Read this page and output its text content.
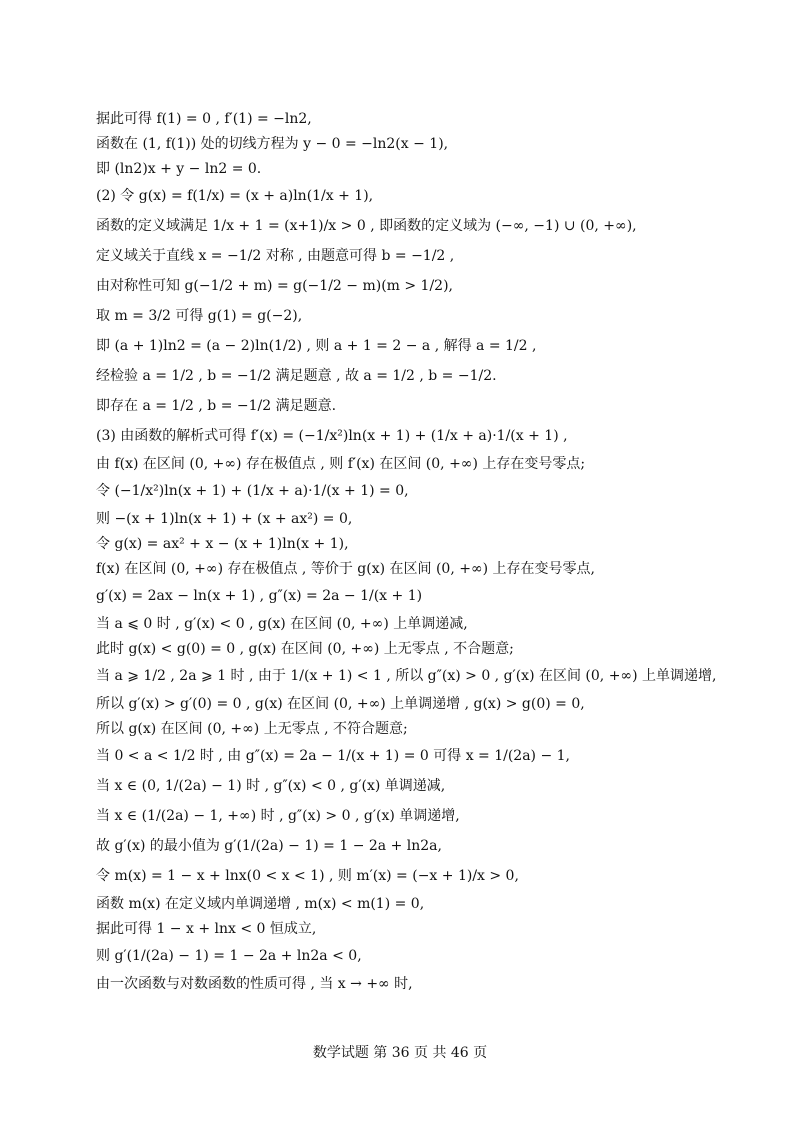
据此可得 f(1) = 0 , f′(1) = −ln2,
函数在 (1, f(1)) 处的切线方程为 y − 0 = −ln2(x − 1),
即 (ln2)x + y − ln2 = 0.
(2) 令 g(x) = f(1/x) = (x + a)ln(1/x + 1),
函数的定义域满足 1/x + 1 = (x+1)/x > 0 , 即函数的定义域为 (−∞, −1) ∪ (0, +∞),
定义域关于直线 x = −1/2 对称 , 由题意可得 b = −1/2 ,
由对称性可知 g(−1/2 + m) = g(−1/2 − m)(m > 1/2),
取 m = 3/2 可得 g(1) = g(−2),
即 (a + 1)ln2 = (a − 2)ln(1/2) , 则 a + 1 = 2 − a , 解得 a = 1/2 ,
经检验 a = 1/2 , b = −1/2 满足题意 , 故 a = 1/2 , b = −1/2.
即存在 a = 1/2 , b = −1/2 满足题意.
(3) 由函数的解析式可得 f′(x) = (−1/x²)ln(x + 1) + (1/x + a)·1/(x + 1) ,
由 f(x) 在区间 (0, +∞) 存在极值点 , 则 f′(x) 在区间 (0, +∞) 上存在变号零点;
令 (−1/x²)ln(x + 1) + (1/x + a)·1/(x + 1) = 0,
则 −(x + 1)ln(x + 1) + (x + ax²) = 0,
令 g(x) = ax² + x − (x + 1)ln(x + 1),
f(x) 在区间 (0, +∞) 存在极值点 , 等价于 g(x) 在区间 (0, +∞) 上存在变号零点,
g′(x) = 2ax − ln(x + 1) , g″(x) = 2a − 1/(x + 1)
当 a ⩽ 0 时 , g′(x) < 0 , g(x) 在区间 (0, +∞) 上单调递减,
此时 g(x) < g(0) = 0 , g(x) 在区间 (0, +∞) 上无零点 , 不合题意;
当 a ⩾ 1/2 , 2a ⩾ 1 时 , 由于 1/(x + 1) < 1 , 所以 g″(x) > 0 , g′(x) 在区间 (0, +∞) 上单调递增,
所以 g′(x) > g′(0) = 0 , g(x) 在区间 (0, +∞) 上单调递增 , g(x) > g(0) = 0,
所以 g(x) 在区间 (0, +∞) 上无零点 , 不符合题意;
当 0 < a < 1/2 时 , 由 g″(x) = 2a − 1/(x + 1) = 0 可得 x = 1/(2a) − 1,
当 x ∈ (0, 1/(2a) − 1) 时 , g″(x) < 0 , g′(x) 单调递减,
当 x ∈ (1/(2a) − 1, +∞) 时 , g″(x) > 0 , g′(x) 单调递增,
故 g′(x) 的最小值为 g′(1/(2a) − 1) = 1 − 2a + ln2a,
令 m(x) = 1 − x + lnx(0 < x < 1) , 则 m′(x) = (−x + 1)/x > 0,
函数 m(x) 在定义域内单调递增 , m(x) < m(1) = 0,
据此可得 1 − x + lnx < 0 恒成立,
则 g′(1/(2a) − 1) = 1 − 2a + ln2a < 0,
由一次函数与对数函数的性质可得 , 当 x → +∞ 时,
数学试题 第 36 页 共 46 页
